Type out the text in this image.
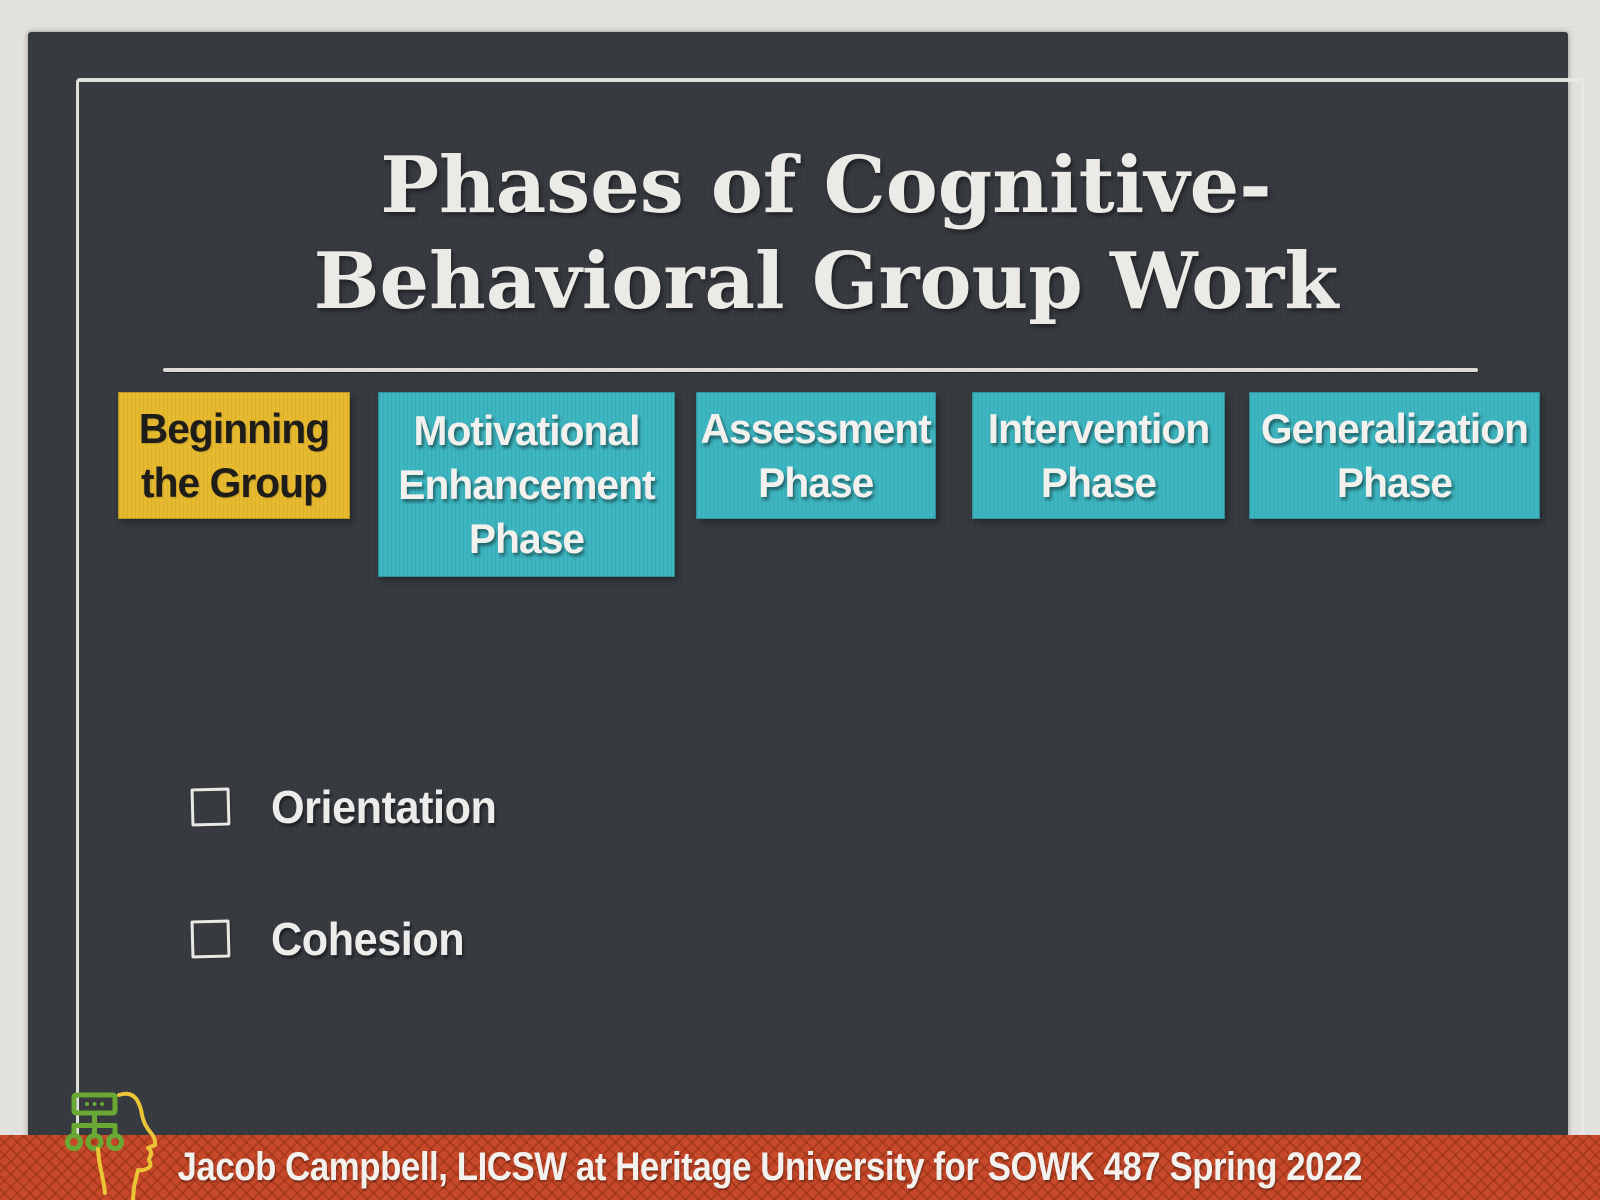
Phases of Cognitive-
Behavioral Group Work
Beginning the Group
Motivational Enhancement Phase
Assessment Phase
Intervention Phase
Generalization Phase
Orientation
Cohesion
Jacob Campbell, LICSW at Heritage University for SOWK 487 Spring 2022
